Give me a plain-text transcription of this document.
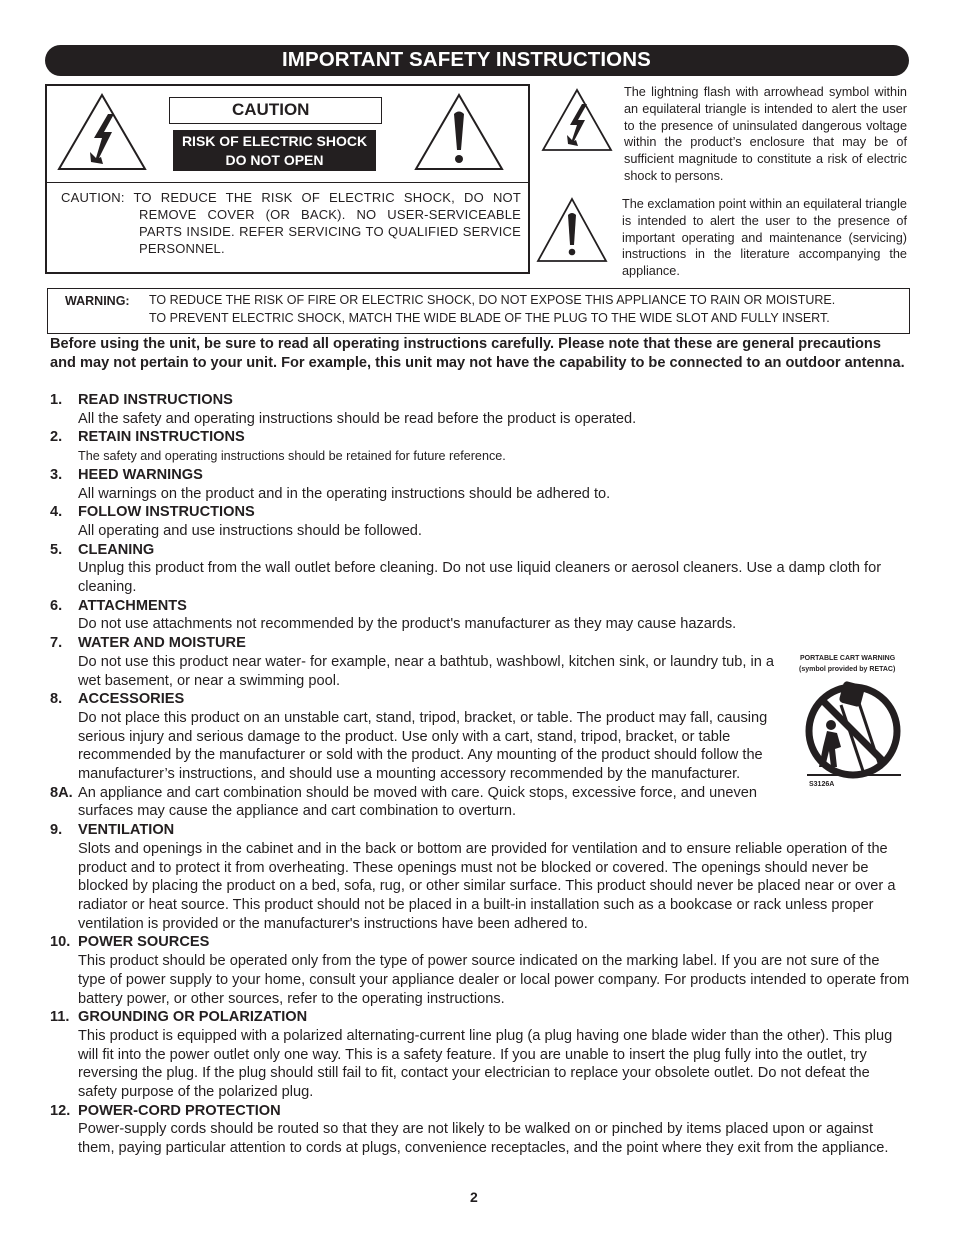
IMPORTANT SAFETY INSTRUCTIONS
CAUTION
RISK OF ELECTRIC SHOCK
DO NOT OPEN
CAUTION: TO REDUCE THE RISK OF ELECTRIC SHOCK, DO NOT REMOVE COVER (OR BACK). NO USER-SERVICEABLE PARTS INSIDE. REFER SERVICING TO QUALIFIED SERVICE PERSONNEL.
The lightning flash with arrowhead symbol within an equilateral triangle is intended to alert the user to the presence of uninsulated dangerous voltage within the product’s enclosure that may be of sufficient magnitude to constitute a risk of electric shock to persons.
The exclamation point within an equilateral triangle is intended to alert the user to the presence of important operating and maintenance (servicing) instructions in the literature accompanying the appliance.
WARNING: TO REDUCE THE RISK OF FIRE OR ELECTRIC SHOCK, DO NOT EXPOSE THIS APPLIANCE TO RAIN OR MOISTURE.
TO PREVENT ELECTRIC SHOCK, MATCH THE WIDE BLADE OF THE PLUG TO THE WIDE SLOT AND FULLY INSERT.
Before using the unit, be sure to read all operating instructions carefully. Please note that these are general precautions and may not pertain to your unit. For example, this unit may not have the capability to be connected to an outdoor antenna.
1.	READ INSTRUCTIONS
All the safety and operating instructions should be read before the product is operated.
2.	RETAIN INSTRUCTIONS
The safety and operating instructions should be retained for future reference.
3.	HEED WARNINGS
All warnings on the product and in the operating instructions should be adhered to.
4.	FOLLOW INSTRUCTIONS
All operating and use instructions should be followed.
5.	CLEANING
Unplug this product from the wall outlet before cleaning. Do not use liquid cleaners or aerosol cleaners. Use a damp cloth for cleaning.
6.	ATTACHMENTS
Do not use attachments not recommended by the product's manufacturer as they may cause hazards.
7.	WATER AND MOISTURE
Do not use this product near water- for example, near a bathtub, washbowl, kitchen sink, or laundry tub, in a wet basement, or near a swimming pool.
8.	ACCESSORIES
Do not place this product on an unstable cart, stand, tripod, bracket, or table. The product may fall, causing serious injury and serious damage to the product. Use only with a cart, stand, tripod, bracket, or table recommended by the manufacturer or sold with the product. Any mounting of the product should follow the manufacturer’s instructions, and should use a mounting accessory recommended by the manufacturer.
8A. An appliance and cart combination should be moved with care. Quick stops, excessive force, and uneven surfaces may cause the appliance and cart combination to overturn.
9.	VENTILATION
Slots and openings in the cabinet and in the back or bottom are provided for ventilation and to ensure reliable operation of the product and to protect it from overheating. These openings must not be blocked or covered. The openings should never be blocked by placing the product on a bed, sofa, rug, or other similar surface. This product should never be placed near or over a radiator or heat source. This product should not be placed in a built-in installation such as a bookcase or rack unless proper ventilation is provided or the manufacturer's instructions have been adhered to.
10. POWER SOURCES
This product should be operated only from the type of power source indicated on the marking label. If you are not sure of the type of power supply to your home, consult your appliance dealer or local power company. For products intended to operate from battery power, or other sources, refer to the operating instructions.
11. GROUNDING OR POLARIZATION
This product is equipped with a polarized alternating-current line plug (a plug having one blade wider than the other). This plug will fit into the power outlet only one way. This is a safety feature. If you are unable to insert the plug fully into the outlet, try reversing the plug. If the plug should still fail to fit, contact your electrician to replace your obsolete outlet. Do not defeat the safety purpose of the polarized plug.
12. POWER-CORD PROTECTION
Power-supply cords should be routed so that they are not likely to be walked on or pinched by items placed upon or against them, paying particular attention to cords at plugs, convenience receptacles, and the point where they exit from the appliance.
PORTABLE CART WARNING
(symbol provided by RETAC)
S3126A
2
